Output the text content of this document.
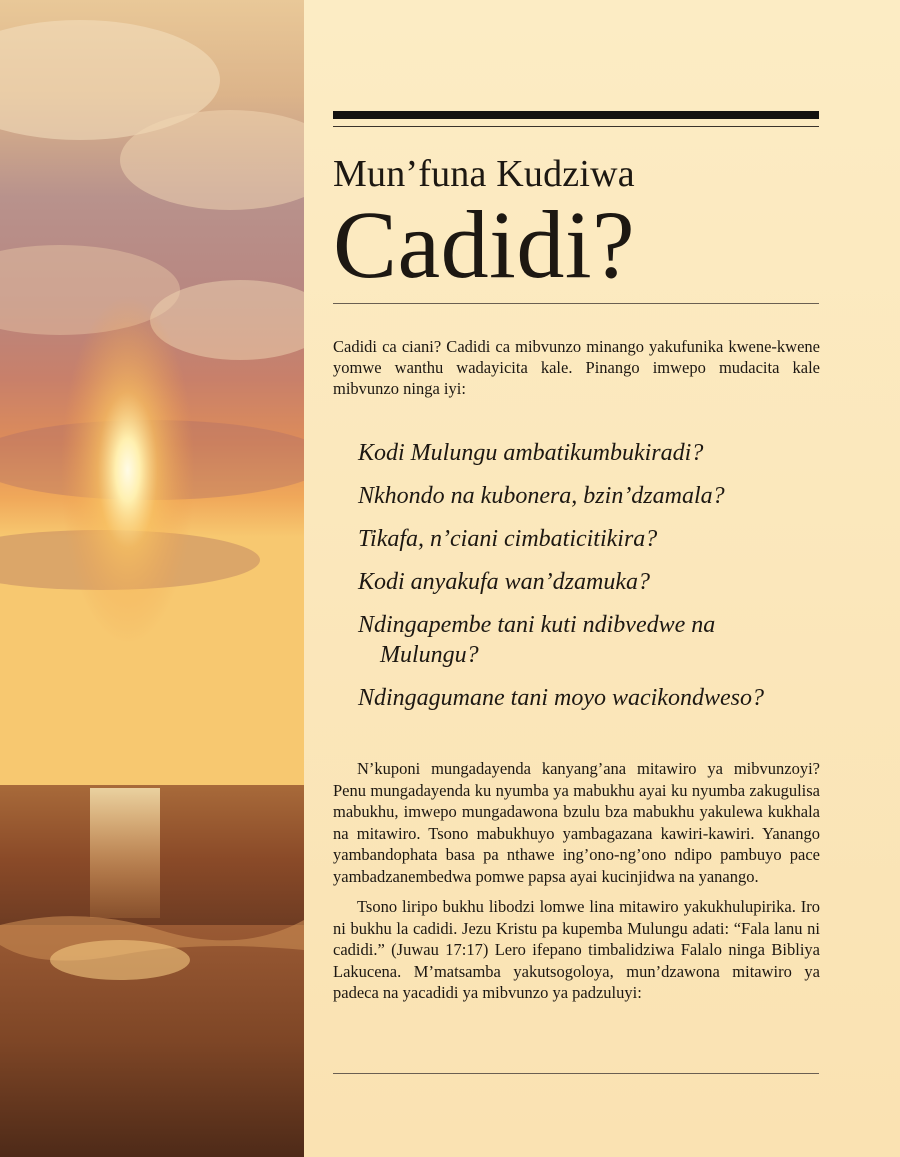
Mun’funa Kudziwa
Cadidi?

Cadidi ca ciani? Cadidi ca mibvunzo minango yakufunika kwene-kwene yomwe wanthu wadayicita kale. Pinango imwepo mudacita kale mibvunzo ninga iyi:

Kodi Mulungu ambatikumbukiradi?
Nkhondo na kubonera, bzin’dzamala?
Tikafa, n’ciani cimbaticitikira?
Kodi anyakufa wan’dzamuka?
Ndingapembe tani kuti ndibvedwe na Mulungu?
Ndingagumane tani moyo wacikondweso?

N’kuponi mungadayenda kanyang’ana mitawiro ya mibvunzoyi? Penu mungadayenda ku nyumba ya mabukhu ayai ku nyumba zakugulisa mabukhu, imwepo mungadawona bzulu bza mabukhu yakulewa kukhala na mitawiro. Tsono mabukhuyo yambagazana kawiri-kawiri. Yanango yambandophata basa pa nthawe ing’ono-ng’ono ndipo pambuyo pace yambadzanembedwa pomwe papsa ayai kucinjidwa na yanango.

Tsono liripo bukhu libodzi lomwe lina mitawiro yakukhulupirika. Iro ni bukhu la cadidi. Jezu Kristu pa kupemba Mulungu adati: “Fala lanu ni cadidi.” (Juwau 17:17) Lero ifepano timbalidziwa Falalo ninga Bibliya Lakucena. M’matsamba yakutsogoloya, mun’dzawona mitawiro ya padeca na yacadidi ya mibvunzo ya padzuluyi:
